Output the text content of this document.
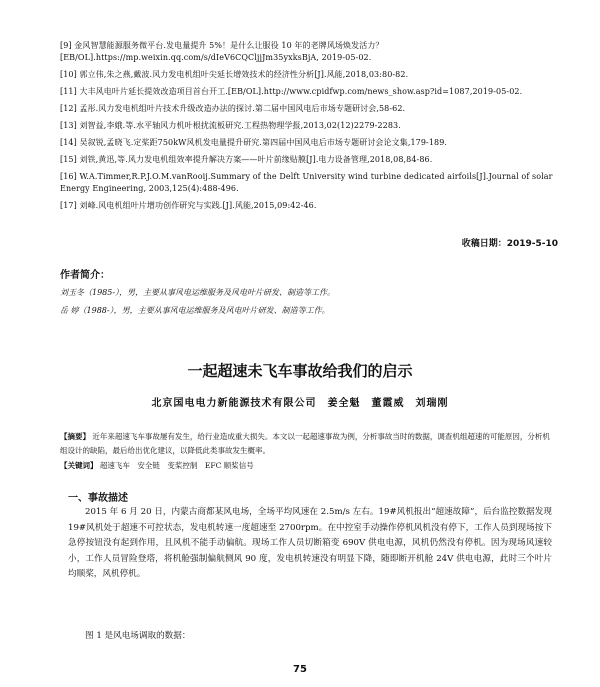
[9] 金风智慧能源服务微平台.发电量提升 5%！是什么让服役 10 年的老牌风场焕发活力？[EB/OL].https://mp.weixin.qq.com/s/dIeV6CQCljjJm35yxksBjA, 2019-05-02.
[10] 郭立伟,朱之燕,戴波.风力发电机组叶尖延长增效技术的经济性分析[J].风能,2018,03:80-82.
[11] 大丰风电叶片延长提效改造项目首台开工.[EB/OL].http://www.cpidfwp.com/news_show.asp?id=1087,2019-05-02.
[12] 孟彤.风力发电机组叶片技术升级改造办法的探讨.第二届中国风电后市场专题研讨会,58-62.
[13] 刘智益,李娥.等.水平轴风力机叶根扰流板研究.工程热物理学报,2013,02(12)2279-2283.
[14] 吴叙锐,孟晓飞.定桨距750kW风机发电量提升研究.第四届中国风电后市场专题研讨会论文集,179-189.
[15] 刘铁,黄迅,等.风力发电机组效率提升解决方案——叶片前缘贴膜[J].电力设备管理,2018,08,84-86.
[16] W.A.Timmer,R.P.J.O.M.vanRooij.Summary of the Delft University wind turbine dedicated airfoils[J].Journal of solar Energy Engineering, 2003,125(4):488-496.
[17] 刘峰.风电机组叶片增功创作研究与实践.[J].风能,2015,09:42-46.
收稿日期：2019-5-10
作者简介：
刘玉冬（1985-），男，主要从事风电运维服务及风电叶片研发、制造等工作。
岳 婷（1988-），男，主要从事风电运维服务及风电叶片研发、制造等工作。
一起超速未飞车事故给我们的启示
北京国电电力新能源技术有限公司　姜全魁　董霞威　刘瑞刚
【摘要】 近年来超速飞车事故屡有发生，给行业造成重大损失。本文以一起超速事故为例，分析事故当时的数据，调查机组超速的可能原因，分析机组设计的缺陷，最后给出优化建议，以降低此类事故发生概率。
【关键词】 超速飞车　安全链　变桨控制　EFC 顺桨信号
一、事故描述
2015 年 6 月 20 日，内蒙古商都某风电场，全场平均风速在 2.5m/s 左右。19#风机报出“超速故障”，后台监控数据发现 19#风机处于超速不可控状态，发电机转速一度超速至 2700rpm。在中控室手动操作停机风机没有停下，工作人员到现场按下急停按钮没有起到作用，且风机不能手动偏航。现场工作人员切断箱变 690V 供电电源，风机仍然没有停机。因为现场风速较小，工作人员冒险登塔，将机舱强制偏航侧风 90 度，发电机转速没有明显下降，随即断开机舱 24V 供电电源，此时三个叶片均顺桨，风机停机。
图 1 是风电场调取的数据：
75
